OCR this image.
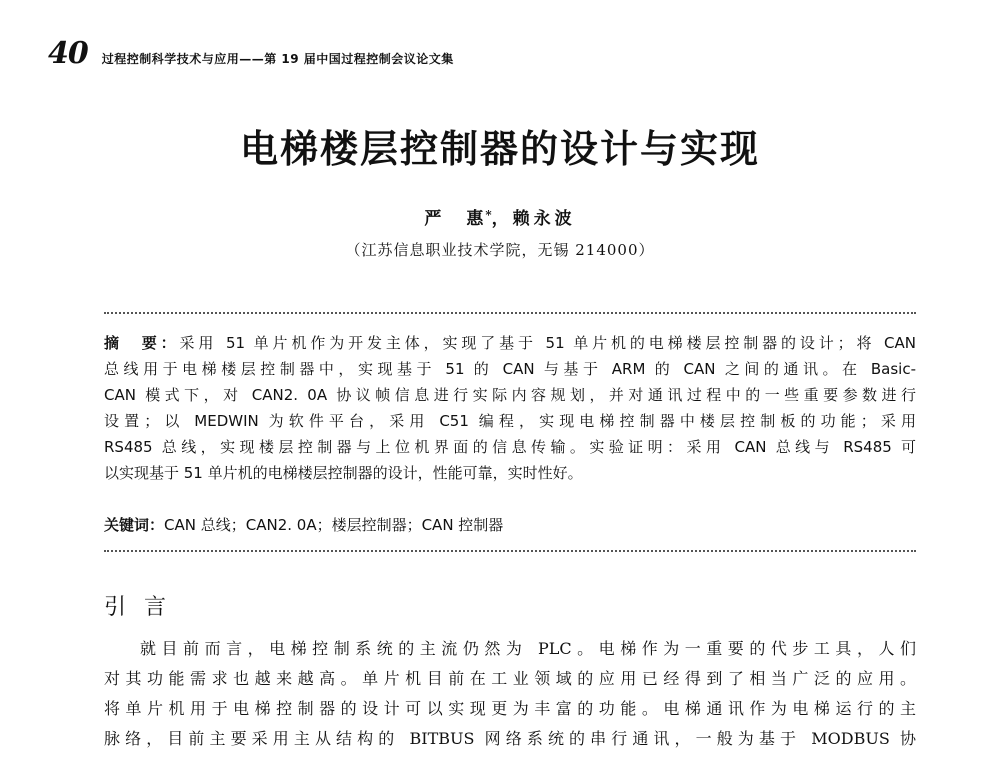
40 过程控制科学技术与应用——第 19 届中国过程控制会议论文集
电梯楼层控制器的设计与实现
严　惠*，赖永波
（江苏信息职业技术学院，无锡 214000）
摘　要：采用 51 单片机作为开发主体，实现了基于 51 单片机的电梯楼层控制器的设计；将 CAN
总线用于电梯楼层控制器中，实现基于 51 的 CAN 与基于 ARM 的 CAN 之间的通讯。在 Basic-
CAN 模式下，对 CAN2. 0A 协议帧信息进行实际内容规划，并对通讯过程中的一些重要参数进行
设置；以 MEDWIN 为软件平台，采用 C51 编程，实现电梯控制器中楼层控制板的功能；采用
RS485 总线，实现楼层控制器与上位机界面的信息传输。实验证明：采用 CAN 总线与 RS485 可
以实现基于 51 单片机的电梯楼层控制器的设计，性能可靠，实时性好。
关键词：CAN 总线；CAN2. 0A；楼层控制器；CAN 控制器
引言
就目前而言，电梯控制系统的主流仍然为 PLC。电梯作为一重要的代步工具，人们
对其功能需求也越来越高。单片机目前在工业领域的应用已经得到了相当广泛的应用。
将单片机用于电梯控制器的设计可以实现更为丰富的功能。电梯通讯作为电梯运行的主
脉络，目前主要采用主从结构的 BITBUS 网络系统的串行通讯，一般为基于 MODBUS 协
